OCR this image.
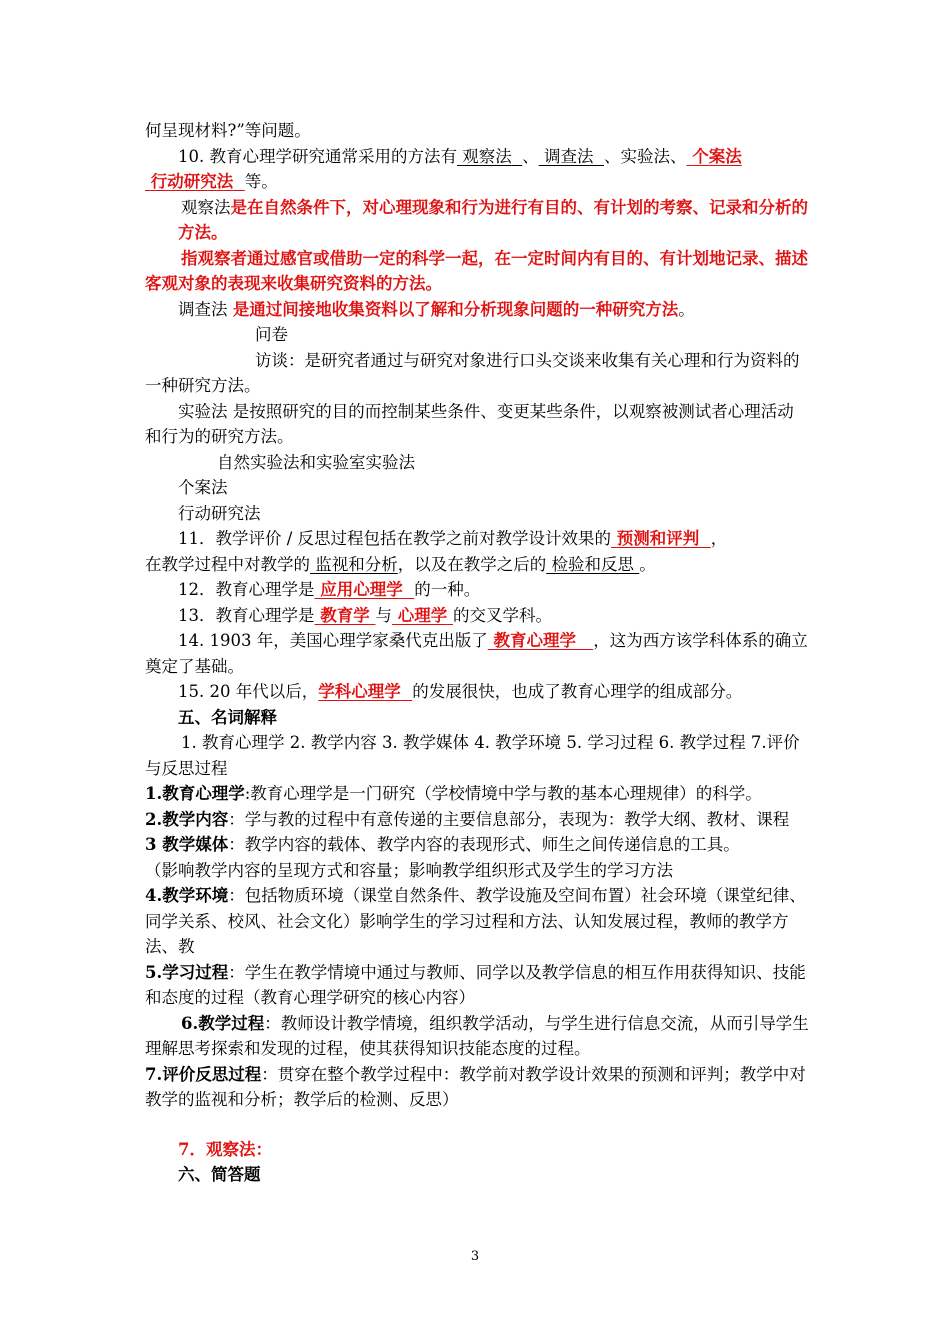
何呈现材料?”等问题。

10. 教育心理学研究通常采用的方法有 观察法 、 调查法 、实验法、 个案法

行动研究法 等。

观察法是在自然条件下，对心理现象和行为进行有目的、有计划的考察、记录和分析的方法。

指观察者通过感官或借助一定的科学一起，在一定时间内有目的、有计划地记录、描述客观对象的表现来收集研究资料的方法。

调查法 是通过间接地收集资料以了解和分析现象问题的一种研究方法。

问卷

访谈：是研究者通过与研究对象进行口头交谈来收集有关心理和行为资料的一种研究方法。

实验法 是按照研究的目的而控制某些条件、变更某些条件，以观察被测试者心理活动和行为的研究方法。

自然实验法和实验室实验法

个案法

行动研究法

11．教学评价 / 反思过程包括在教学之前对教学设计效果的 预测和评判 ，

在教学过程中对教学的 监视和分析，以及在教学之后的 检验和反思 。

12．教育心理学是 应用心理学 的一种。

13．教育心理学是 教育学 与 心理学 的交叉学科。

14. 1903 年，美国心理学家桑代克出版了 教育心理学 ，这为西方该学科体系的确立奠定了基础。

15. 20 年代以后，学科心理学 的发展很快，也成了教育心理学的组成部分。

五、名词解释

1. 教育心理学 2. 教学内容 3. 教学媒体 4. 教学环境 5. 学习过程 6. 教学过程 7.评价与反思过程

1.教育心理学:教育心理学是一门研究（学校情境中学与教的基本心理规律）的科学。

2.教学内容：学与教的过程中有意传递的主要信息部分，表现为：教学大纲、教材、课程

3 教学媒体：教学内容的载体、教学内容的表现形式、师生之间传递信息的工具。

（影响教学内容的呈现方式和容量；影响教学组织形式及学生的学习方法

4.教学环境：包括物质环境（课堂自然条件、教学设施及空间布置）社会环境（课堂纪律、同学关系、校风、社会文化）影响学生的学习过程和方法、认知发展过程，教师的教学方法、教

5.学习过程：学生在教学情境中通过与教师、同学以及教学信息的相互作用获得知识、技能和态度的过程（教育心理学研究的核心内容）

6.教学过程：教师设计教学情境，组织教学活动，与学生进行信息交流，从而引导学生理解思考探索和发现的过程，使其获得知识技能态度的过程。

7.评价反思过程：贯穿在整个教学过程中：教学前对教学设计效果的预测和评判；教学中对教学的监视和分析；教学后的检测、反思）

7．观察法：

六、简答题

3
